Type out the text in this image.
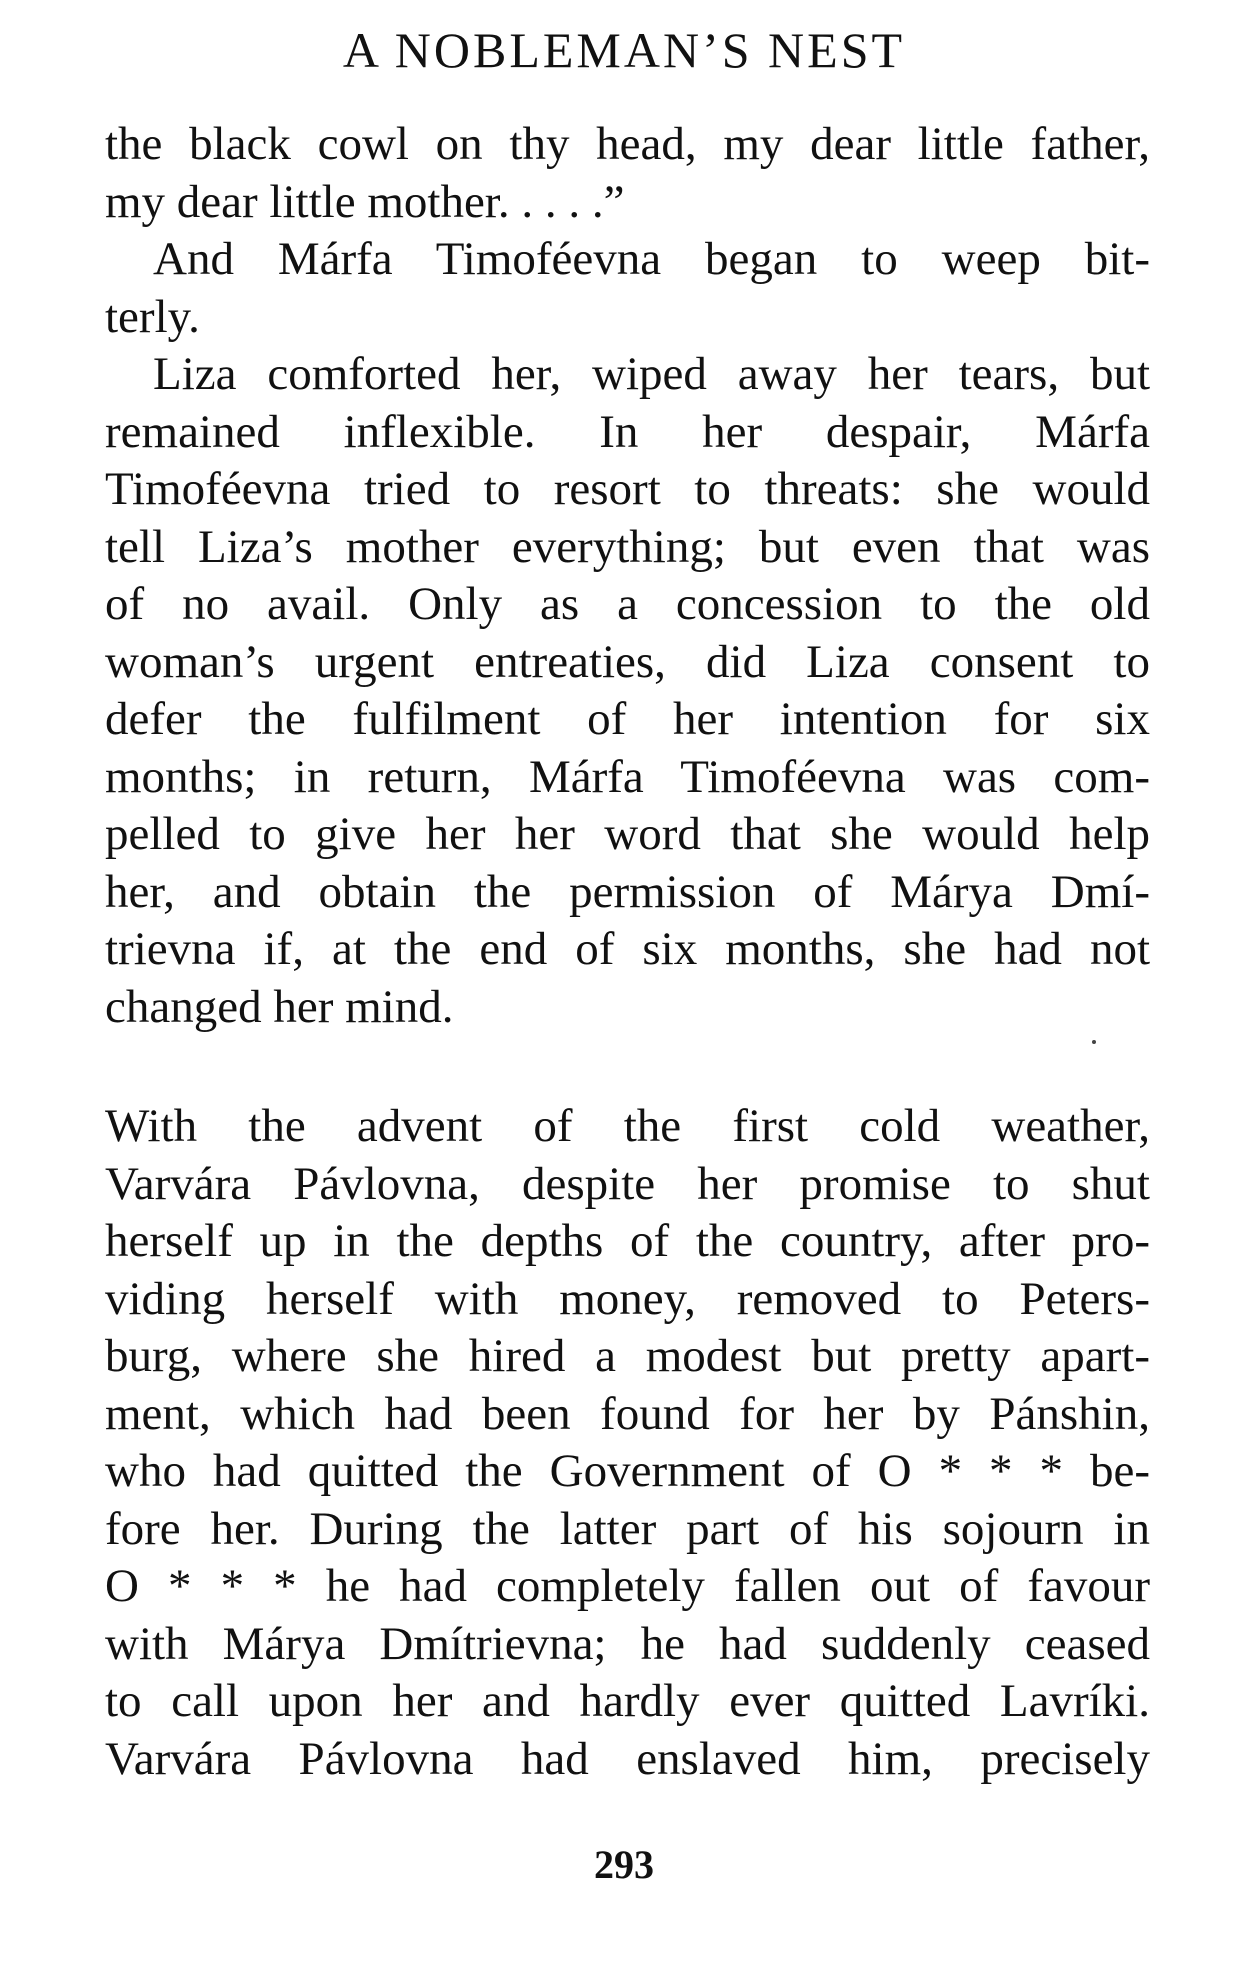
A NOBLEMAN’S NEST
the black cowl on thy head, my dear little father,
my dear little mother. . . . .”
And Márfa Timoféevna began to weep bit-
terly.
Liza comforted her, wiped away her tears, but
remained inflexible. In her despair, Márfa
Timoféevna tried to resort to threats: she would
tell Liza’s mother everything; but even that was
of no avail. Only as a concession to the old
woman’s urgent entreaties, did Liza consent to
defer the fulfilment of her intention for six
months; in return, Márfa Timoféevna was com-
pelled to give her her word that she would help
her, and obtain the permission of Márya Dmí-
trievna if, at the end of six months, she had not
changed her mind.
With the advent of the first cold weather,
Varvára Pávlovna, despite her promise to shut
herself up in the depths of the country, after pro-
viding herself with money, removed to Peters-
burg, where she hired a modest but pretty apart-
ment, which had been found for her by Pánshin,
who had quitted the Government of O * * * be-
fore her. During the latter part of his sojourn in
O * * * he had completely fallen out of favour
with Márya Dmítrievna; he had suddenly ceased
to call upon her and hardly ever quitted Lavríki.
Varvára Pávlovna had enslaved him, precisely
293
